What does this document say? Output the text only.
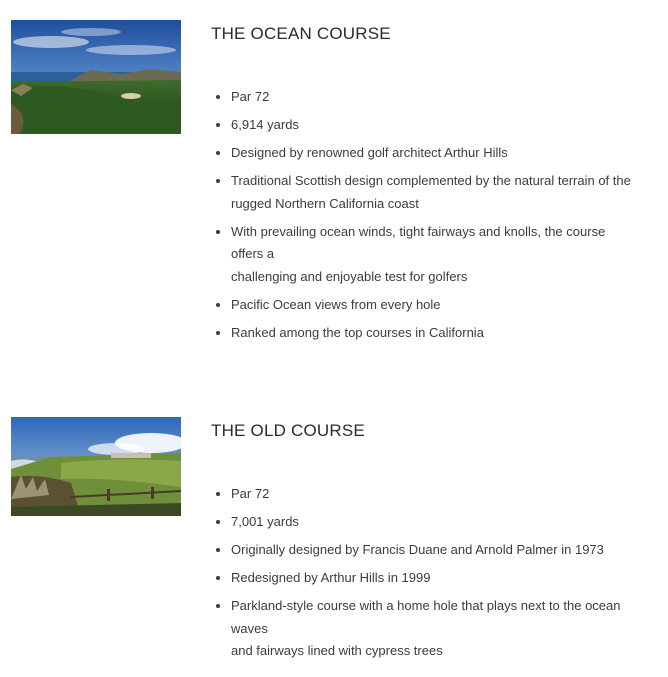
THE OCEAN COURSE
Par 72
6,914 yards
Designed by renowned golf architect Arthur Hills
Traditional Scottish design complemented by the natural terrain of the
rugged Northern California coast
With prevailing ocean winds, tight fairways and knolls, the course
offers a
challenging and enjoyable test for golfers
Pacific Ocean views from every hole
Ranked among the top courses in California
THE OLD COURSE
Par 72
7,001 yards
Originally designed by Francis Duane and Arnold Palmer in 1973
Redesigned by Arthur Hills in 1999
Parkland-style course with a home hole that plays next to the ocean
waves
and fairways lined with cypress trees
